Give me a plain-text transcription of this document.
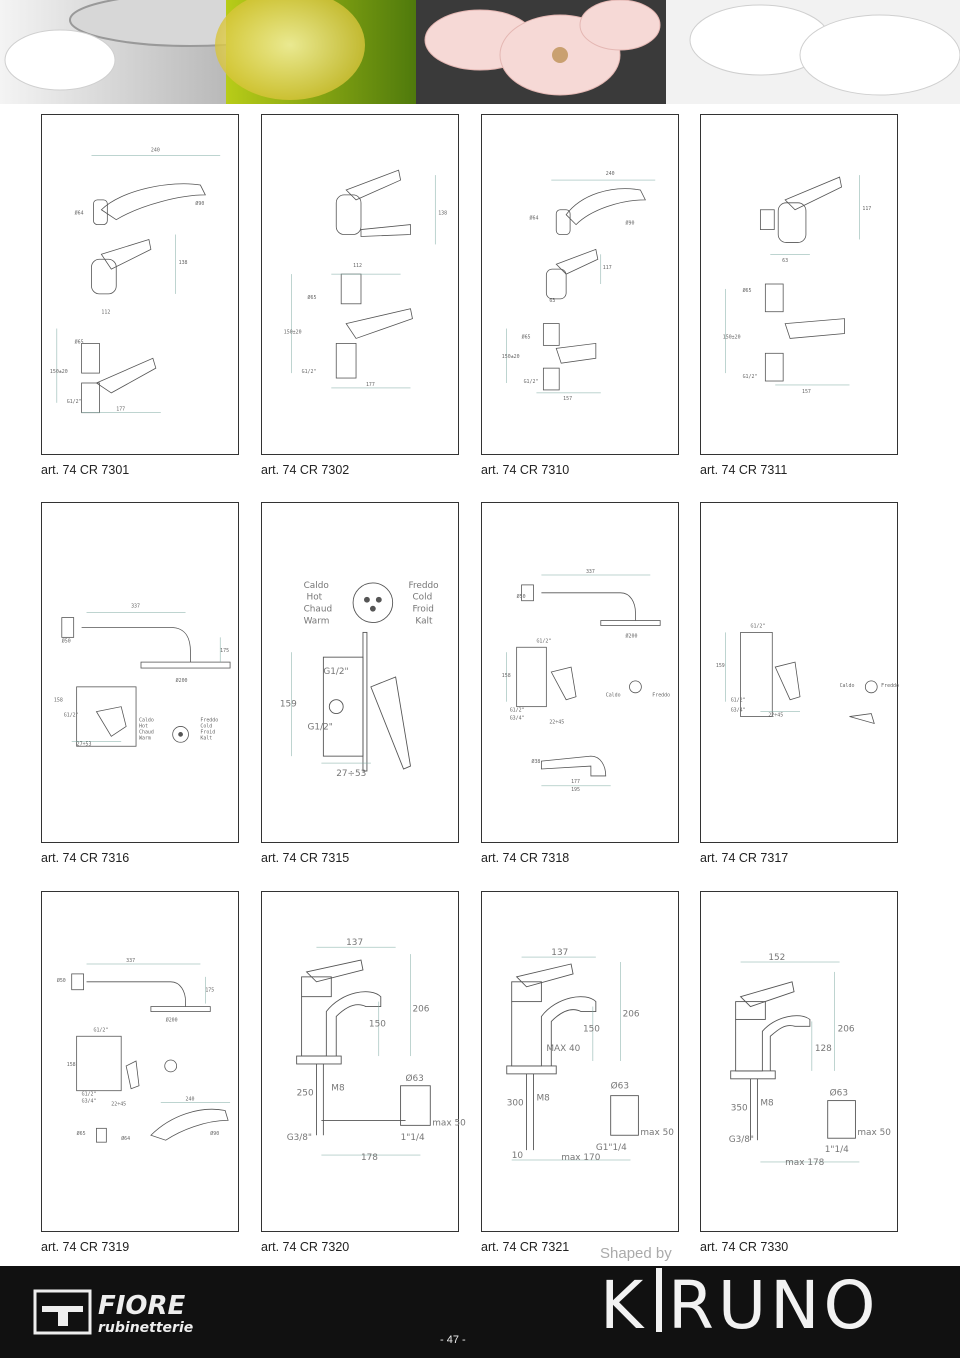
240
Ø64
Ø90
112
138
150±20
Ø65
G1/2"
177
art. 74 CR 7301
138
112
Ø65
150±20
G1/2"
177
art. 74 CR 7302
240
Ø64
Ø90
117
63
Ø65
150±20
G1/2"
157
art. 74 CR 7310
117
63
Ø65
150±20
G1/2"
157
art. 74 CR 7311
337
Ø50
175
Ø200
158
G1/2"
Caldo
Hot
Chaud
Warm
Freddo
Cold
Froid
Kalt
27÷53
art. 74 CR 7316
Caldo
Hot
Chaud
Warm
Freddo
Cold
Froid
Kalt
G1/2"
159
G1/2"
27÷53
art. 74 CR 7315
337
Ø50
Ø200
G1/2"
158
G1/2"
G3/4"
22÷45
Caldo	Freddo
Ø38
177
195
art. 74 CR 7318
G1/2"
159
G1/2"
G3/4"
22÷45
Caldo	Freddo
art. 74 CR 7317
337
Ø50
175
Ø200
G1/2"
158
G1/2"
G3/4"	22÷45
240
Ø65
Ø64
Ø90
art. 74 CR 7319
137
206
150
250 M8
Ø63
G3/8"
max 50
1"1/4
178
art. 74 CR 7320
137
206
150
MAX 40
300 M8
Ø63
max 50
G1"1/4
10	max 170
art. 74 CR 7321
152
206
128
350 M8
Ø63
G3/8"
max 50
1"1/4
max 178
art. 74 CR 7330
Shaped by
FIORE
rubinetterie
- 47 - K RUNO
